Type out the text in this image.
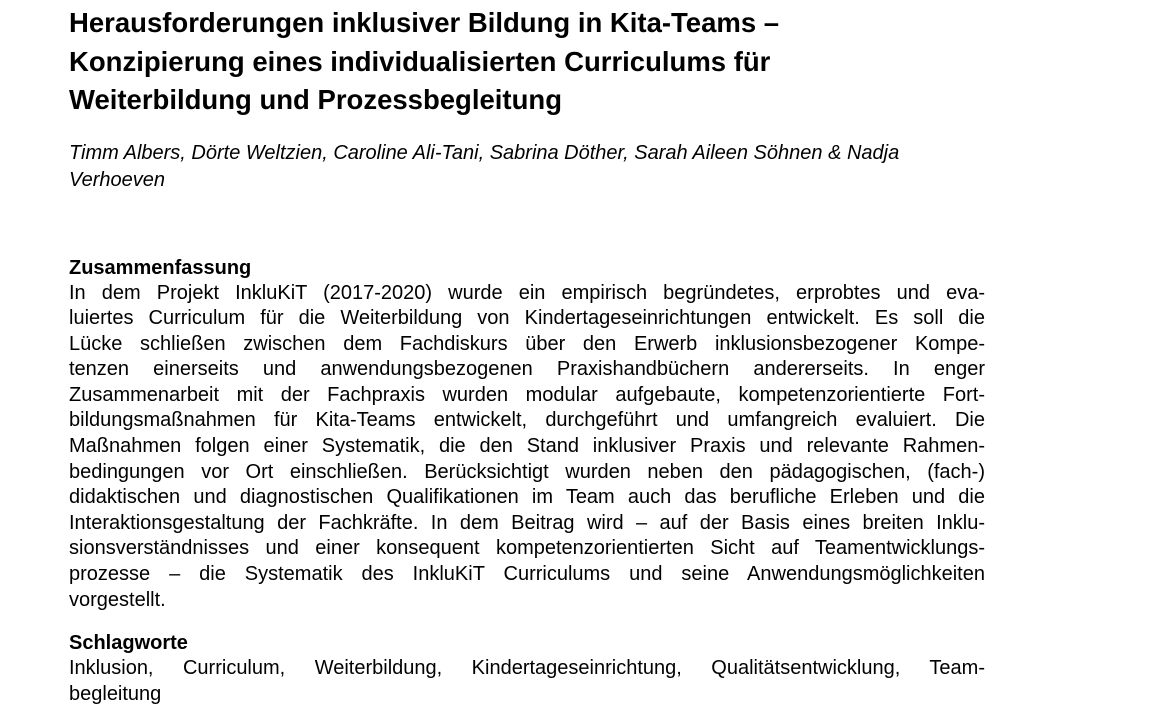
Herausforderungen inklusiver Bildung in Kita-Teams –
Konzipierung eines individualisierten Curriculums für
Weiterbildung und Prozessbegleitung

Timm Albers, Dörte Weltzien, Caroline Ali-Tani, Sabrina Döther, Sarah Aileen Söhnen & Nadja
Verhoeven

Zusammenfassung
In dem Projekt InkluKiT (2017-2020) wurde ein empirisch begründetes, erprobtes und eva-
luiertes Curriculum für die Weiterbildung von Kindertageseinrichtungen entwickelt. Es soll die
Lücke schließen zwischen dem Fachdiskurs über den Erwerb inklusionsbezogener Kompe-
tenzen einerseits und anwendungsbezogenen Praxishandbüchern andererseits. In enger
Zusammenarbeit mit der Fachpraxis wurden modular aufgebaute, kompetenzorientierte Fort-
bildungsmaßnahmen für Kita-Teams entwickelt, durchgeführt und umfangreich evaluiert. Die
Maßnahmen folgen einer Systematik, die den Stand inklusiver Praxis und relevante Rahmen-
bedingungen vor Ort einschließen. Berücksichtigt wurden neben den pädagogischen, (fach-)
didaktischen und diagnostischen Qualifikationen im Team auch das berufliche Erleben und die
Interaktionsgestaltung der Fachkräfte. In dem Beitrag wird – auf der Basis eines breiten Inklu-
sionsverständnisses und einer konsequent kompetenzorientierten Sicht auf Teamentwicklungs-
prozesse – die Systematik des InkluKiT Curriculums und seine Anwendungsmöglichkeiten
vorgestellt.
Schlagworte
Inklusion, Curriculum, Weiterbildung, Kindertageseinrichtung, Qualitätsentwicklung, Team-
begleitung
